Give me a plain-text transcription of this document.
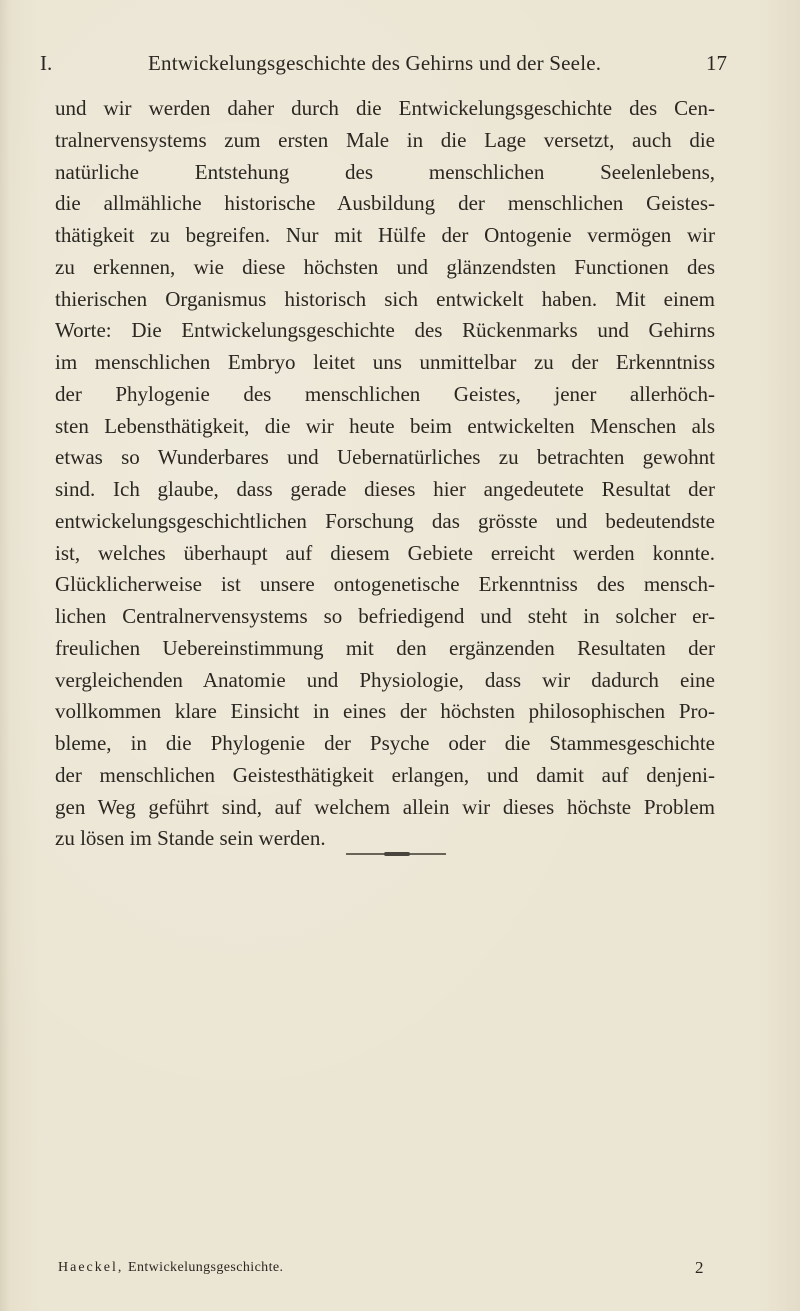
I.	Entwickelungsgeschichte des Gehirns und der Seele.	17
und wir werden daher durch die Entwickelungsgeschichte des Cen-
tralnervensystems zum ersten Male in die Lage versetzt, auch die
natürliche Entstehung des menschlichen Seelenlebens,
die allmähliche historische Ausbildung der menschlichen Geistes-
thätigkeit zu begreifen. Nur mit Hülfe der Ontogenie vermögen wir
zu erkennen, wie diese höchsten und glänzendsten Functionen des
thierischen Organismus historisch sich entwickelt haben. Mit einem
Worte: Die Entwickelungsgeschichte des Rückenmarks und Gehirns
im menschlichen Embryo leitet uns unmittelbar zu der Erkenntniss
der Phylogenie des menschlichen Geistes, jener allerhöch-
sten Lebensthätigkeit, die wir heute beim entwickelten Menschen als
etwas so Wunderbares und Uebernatürliches zu betrachten gewohnt
sind. Ich glaube, dass gerade dieses hier angedeutete Resultat der
entwickelungsgeschichtlichen Forschung das grösste und bedeutendste
ist, welches überhaupt auf diesem Gebiete erreicht werden konnte.
Glücklicherweise ist unsere ontogenetische Erkenntniss des mensch-
lichen Centralnervensystems so befriedigend und steht in solcher er-
freulichen Uebereinstimmung mit den ergänzenden Resultaten der
vergleichenden Anatomie und Physiologie, dass wir dadurch eine
vollkommen klare Einsicht in eines der höchsten philosophischen Pro-
bleme, in die Phylogenie der Psyche oder die Stammesgeschichte
der menschlichen Geistesthätigkeit erlangen, und damit auf denjeni-
gen Weg geführt sind, auf welchem allein wir dieses höchste Problem
zu lösen im Stande sein werden.
Haeckel, Entwickelungsgeschichte.	2
